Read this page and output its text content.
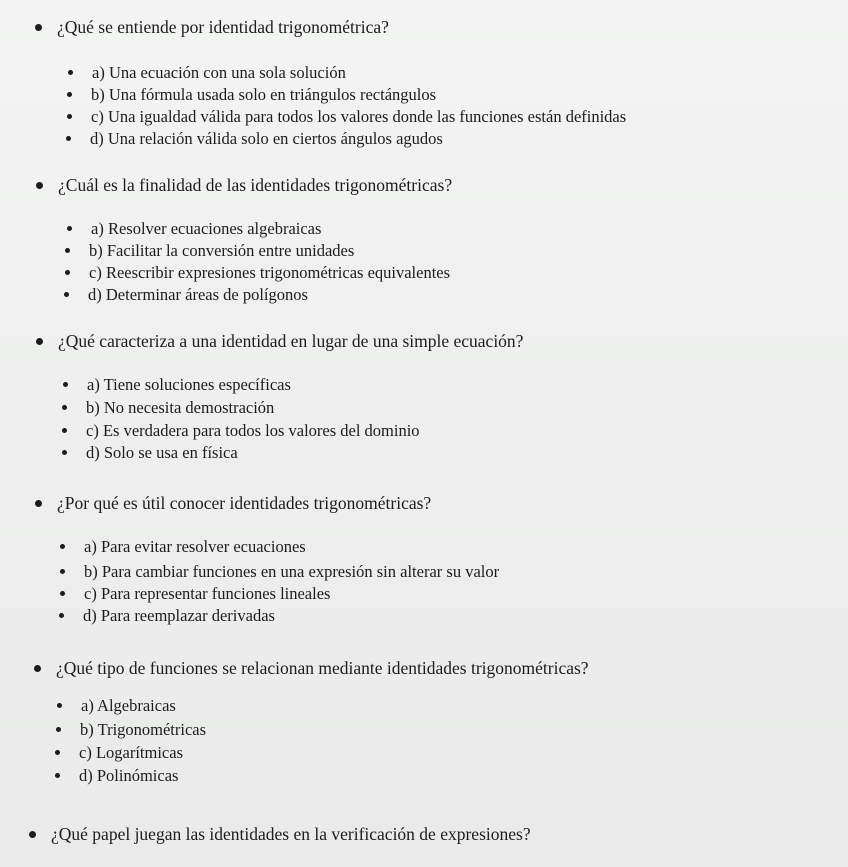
¿Qué se entiende por identidad trigonométrica?
a) Una ecuación con una sola solución
b) Una fórmula usada solo en triángulos rectángulos
c) Una igualdad válida para todos los valores donde las funciones están definidas
d) Una relación válida solo en ciertos ángulos agudos
¿Cuál es la finalidad de las identidades trigonométricas?
a) Resolver ecuaciones algebraicas
b) Facilitar la conversión entre unidades
c) Reescribir expresiones trigonométricas equivalentes
d) Determinar áreas de polígonos
¿Qué caracteriza a una identidad en lugar de una simple ecuación?
a) Tiene soluciones específicas
b) No necesita demostración
c) Es verdadera para todos los valores del dominio
d) Solo se usa en física
¿Por qué es útil conocer identidades trigonométricas?
a) Para evitar resolver ecuaciones
b) Para cambiar funciones en una expresión sin alterar su valor
c) Para representar funciones lineales
d) Para reemplazar derivadas
¿Qué tipo de funciones se relacionan mediante identidades trigonométricas?
a) Algebraicas
b) Trigonométricas
c) Logarítmicas
d) Polinómicas
¿Qué papel juegan las identidades en la verificación de expresiones?
